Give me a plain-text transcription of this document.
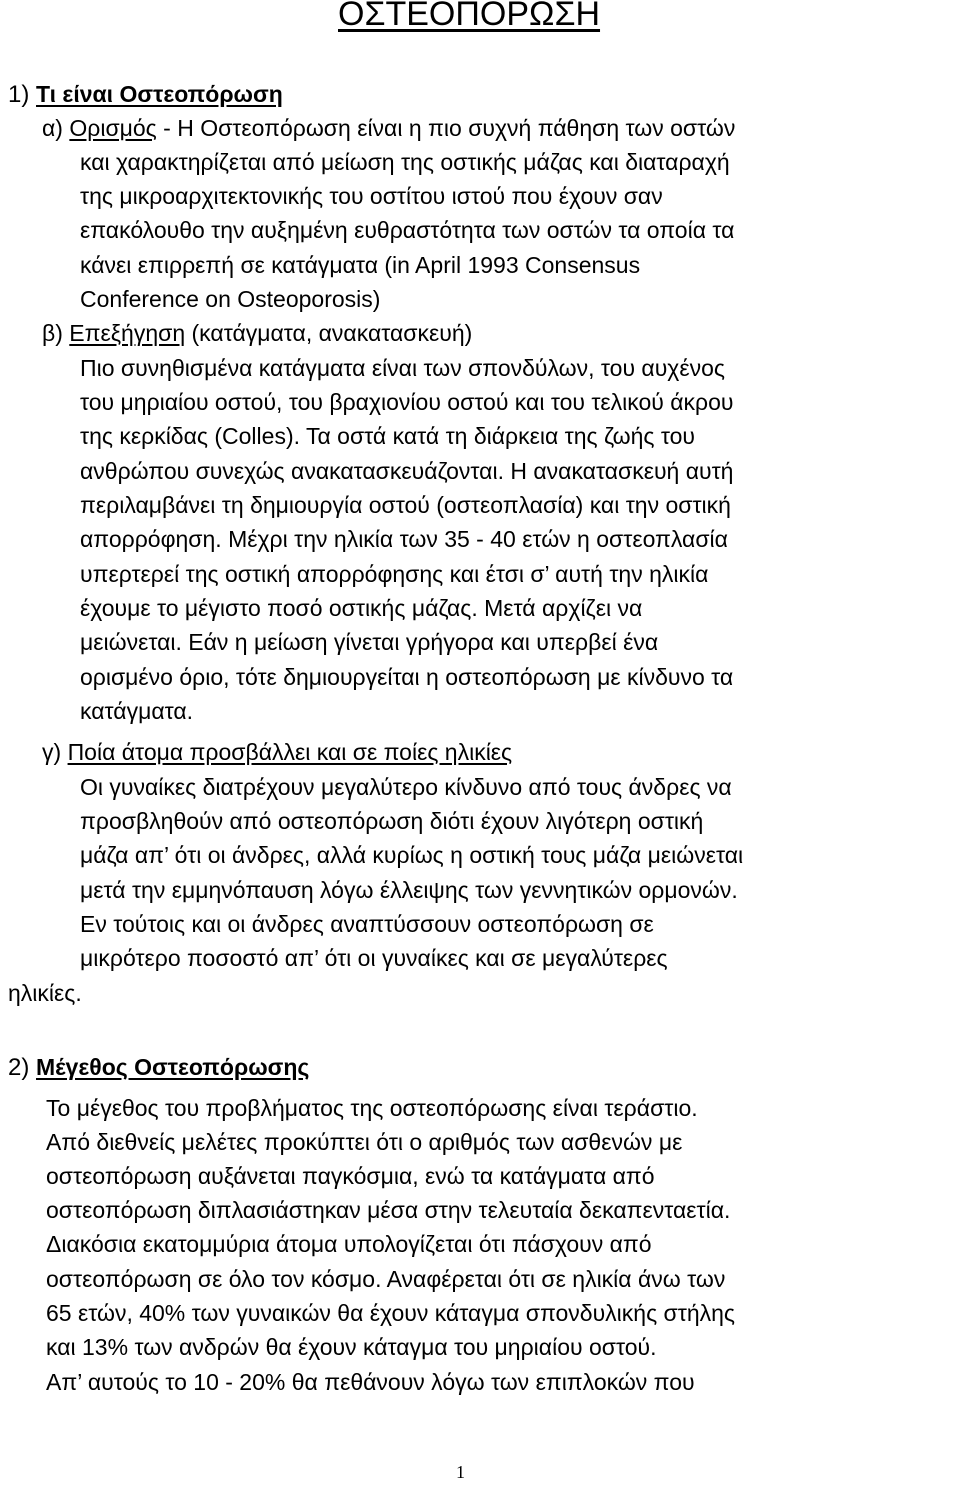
ΟΣΤΕΟΠΟΡΩΣΗ
1) Τι είναι Οστεοπόρωση
α) Ορισμός - Η Οστεοπόρωση είναι η πιο συχνή πάθηση των οστών
και χαρακτηρίζεται από μείωση της οστικής μάζας και διαταραχή
της μικροαρχιτεκτονικής του οστίτου ιστού που έχουν σαν
επακόλουθο την αυξημένη ευθραστότητα των οστών τα οποία τα
κάνει επιρρεπή σε κατάγματα (in April 1993 Consensus
Conference on Osteoporosis)
β) Επεξήγηση (κατάγματα, ανακατασκευή)
Πιο συνηθισμένα κατάγματα είναι των σπονδύλων, του αυχένος
του μηριαίου οστού, του βραχιονίου οστού και του τελικού άκρου
της κερκίδας (Colles). Τα οστά κατά τη διάρκεια της ζωής του
ανθρώπου συνεχώς ανακατασκευάζονται. Η ανακατασκευή αυτή
περιλαμβάνει τη δημιουργία οστού (οστεοπλασία) και την οστική
απορρόφηση. Μέχρι την ηλικία των 35 - 40 ετών η οστεοπλασία
υπερτερεί της οστική απορρόφησης και έτσι σ’ αυτή την ηλικία
έχουμε το μέγιστο ποσό οστικής μάζας. Μετά αρχίζει να
μειώνεται. Εάν η μείωση γίνεται γρήγορα και υπερβεί ένα
ορισμένο όριο, τότε δημιουργείται η οστεοπόρωση με κίνδυνο τα
κατάγματα.
γ) Ποία άτομα προσβάλλει και σε ποίες ηλικίες
Οι γυναίκες διατρέχουν μεγαλύτερο κίνδυνο από τους άνδρες να
προσβληθούν από οστεοπόρωση διότι έχουν λιγότερη οστική
μάζα απ’ ότι οι άνδρες, αλλά κυρίως η οστική τους μάζα μειώνεται
μετά την εμμηνόπαυση λόγω έλλειψης των γεννητικών ορμονών.
Εν τούτοις και οι άνδρες αναπτύσσουν οστεοπόρωση σε
μικρότερο ποσοστό απ’ ότι οι γυναίκες και σε μεγαλύτερες
ηλικίες.
2) Μέγεθος Οστεοπόρωσης
Το μέγεθος του προβλήματος της οστεοπόρωσης είναι τεράστιο.
Από διεθνείς μελέτες προκύπτει ότι ο αριθμός των ασθενών με
οστεοπόρωση αυξάνεται παγκόσμια, ενώ τα κατάγματα από
οστεοπόρωση διπλασιάστηκαν μέσα στην τελευταία δεκαπενταετία.
Διακόσια εκατομμύρια άτομα υπολογίζεται ότι πάσχουν από
οστεοπόρωση σε όλο τον κόσμο. Αναφέρεται ότι σε ηλικία άνω των
65 ετών, 40% των γυναικών θα έχουν κάταγμα σπονδυλικής στήλης
και 13% των ανδρών θα έχουν κάταγμα του μηριαίου οστού.
Απ’ αυτούς το 10 - 20% θα πεθάνουν λόγω των επιπλοκών που
1
